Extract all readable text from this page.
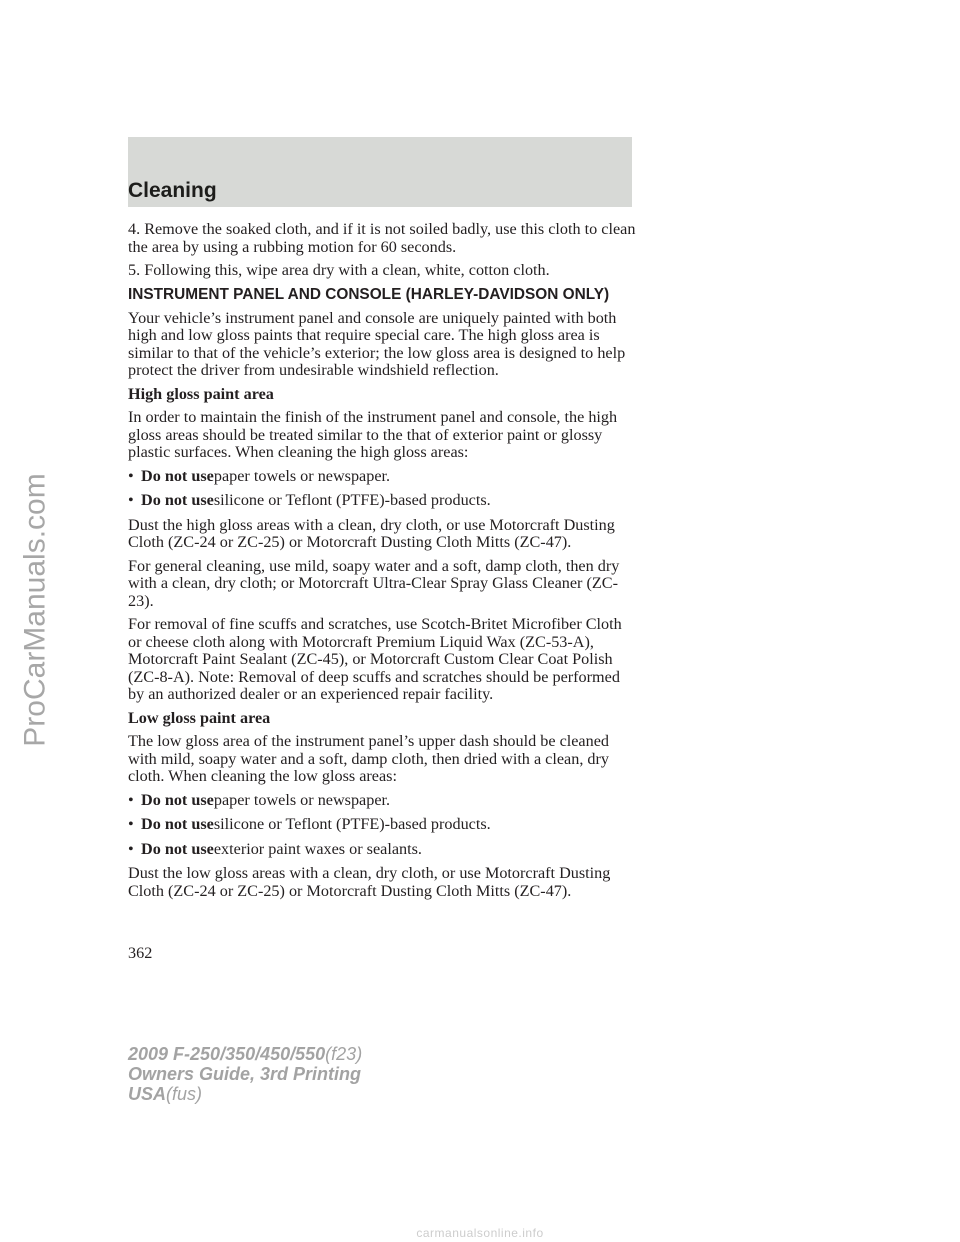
ProCarManuals.com
Cleaning

4. Remove the soaked cloth, and if it is not soiled badly, use this cloth to clean the area by using a rubbing motion for 60 seconds.

5. Following this, wipe area dry with a clean, white, cotton cloth.

INSTRUMENT PANEL AND CONSOLE (HARLEY-DAVIDSON ONLY)

Your vehicle’s instrument panel and console are uniquely painted with both high and low gloss paints that require special care. The high gloss area is similar to that of the vehicle’s exterior; the low gloss area is designed to help protect the driver from undesirable windshield reflection.

High gloss paint area

In order to maintain the finish of the instrument panel and console, the high gloss areas should be treated similar to the that of exterior paint or glossy plastic surfaces. When cleaning the high gloss areas:

• Do not usepaper towels or newspaper.

• Do not usesilicone or Teflont (PTFE)-based products.

Dust the high gloss areas with a clean, dry cloth, or use Motorcraft Dusting Cloth (ZC-24 or ZC-25) or Motorcraft Dusting Cloth Mitts (ZC-47).

For general cleaning, use mild, soapy water and a soft, damp cloth, then dry with a clean, dry cloth; or Motorcraft Ultra-Clear Spray Glass Cleaner (ZC-23).

For removal of fine scuffs and scratches, use Scotch-Britet Microfiber Cloth or cheese cloth along with Motorcraft Premium Liquid Wax (ZC-53-A), Motorcraft Paint Sealant (ZC-45), or Motorcraft Custom Clear Coat Polish (ZC-8-A). Note: Removal of deep scuffs and scratches should be performed by an authorized dealer or an experienced repair facility.

Low gloss paint area

The low gloss area of the instrument panel’s upper dash should be cleaned with mild, soapy water and a soft, damp cloth, then dried with a clean, dry cloth. When cleaning the low gloss areas:

• Do not usepaper towels or newspaper.

• Do not usesilicone or Teflont (PTFE)-based products.

• Do not useexterior paint waxes or sealants.

Dust the low gloss areas with a clean, dry cloth, or use Motorcraft Dusting Cloth (ZC-24 or ZC-25) or Motorcraft Dusting Cloth Mitts (ZC-47).

362
2009 F-250/350/450/550(f23)
Owners Guide, 3rd Printing
USA(fus)
carmanualsonline.info
